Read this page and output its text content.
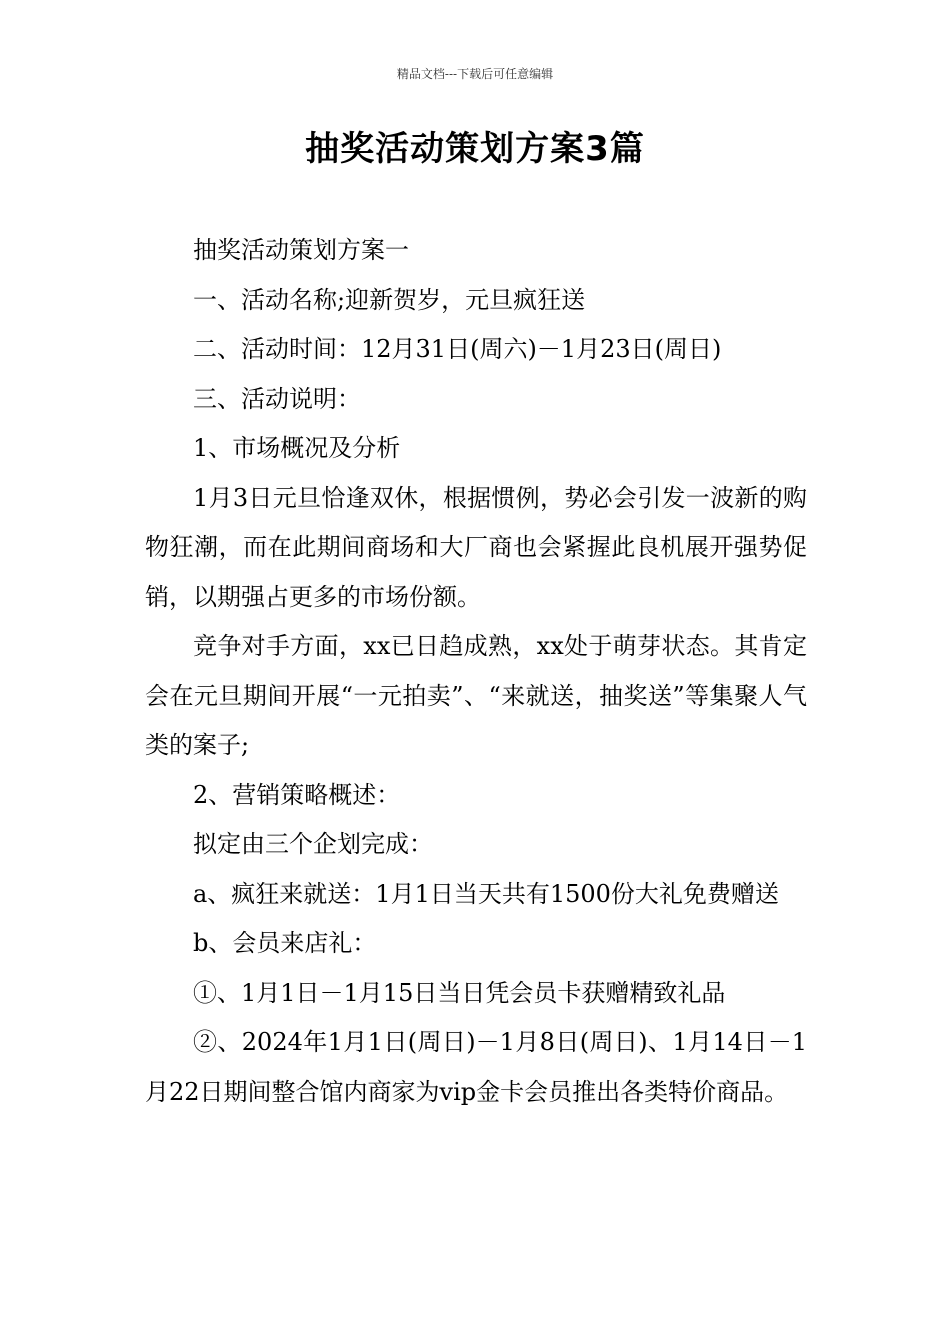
精品文档---下载后可任意编辑
抽奖活动策划方案3篇

抽奖活动策划方案一

一、活动名称;迎新贺岁，元旦疯狂送

二、活动时间：12月31日(周六)－1月23日(周日)

三、活动说明：

1、市场概况及分析

1月3日元旦恰逢双休，根据惯例，势必会引发一波新的购物狂潮，而在此期间商场和大厂商也会紧握此良机展开强势促销，以期强占更多的市场份额。

竞争对手方面，xx已日趋成熟，xx处于萌芽状态。其肯定会在元旦期间开展“一元拍卖”、“来就送，抽奖送”等集聚人气类的案子;

2、营销策略概述：

拟定由三个企划完成：

a、疯狂来就送：1月1日当天共有1500份大礼免费赠送

b、会员来店礼：

①、1月1日－1月15日当日凭会员卡获赠精致礼品

②、2024年1月1日(周日)－1月8日(周日)、1月14日－1月22日期间整合馆内商家为vip金卡会员推出各类特价商品。
